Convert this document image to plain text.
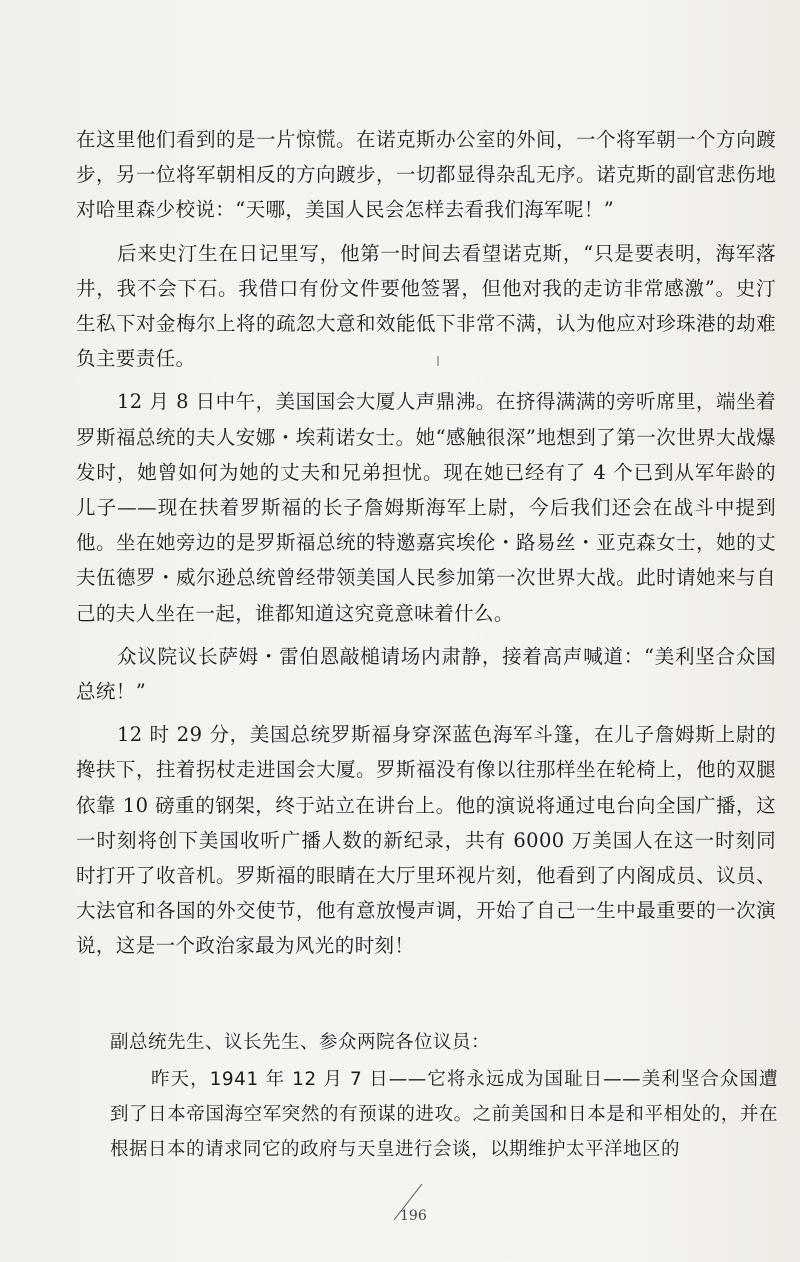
在这里他们看到的是一片惊慌。在诺克斯办公室的外间，一个将军朝一个方向踱步，另一位将军朝相反的方向踱步，一切都显得杂乱无序。诺克斯的副官悲伤地对哈里森少校说：“天哪，美国人民会怎样去看我们海军呢！”

后来史汀生在日记里写，他第一时间去看望诺克斯，“只是要表明，海军落井，我不会下石。我借口有份文件要他签署，但他对我的走访非常感激”。史汀生私下对金梅尔上将的疏忽大意和效能低下非常不满，认为他应对珍珠港的劫难负主要责任。

12 月 8 日中午，美国国会大厦人声鼎沸。在挤得满满的旁听席里，端坐着罗斯福总统的夫人安娜・埃莉诺女士。她“感触很深”地想到了第一次世界大战爆发时，她曾如何为她的丈夫和兄弟担忧。现在她已经有了 4 个已到从军年龄的儿子——现在扶着罗斯福的长子詹姆斯海军上尉，今后我们还会在战斗中提到他。坐在她旁边的是罗斯福总统的特邀嘉宾埃伦・路易丝・亚克森女士，她的丈夫伍德罗・威尔逊总统曾经带领美国人民参加第一次世界大战。此时请她来与自己的夫人坐在一起，谁都知道这究竟意味着什么。

众议院议长萨姆・雷伯恩敲槌请场内肃静，接着高声喊道：“美利坚合众国总统！”

12 时 29 分，美国总统罗斯福身穿深蓝色海军斗篷，在儿子詹姆斯上尉的搀扶下，拄着拐杖走进国会大厦。罗斯福没有像以往那样坐在轮椅上，他的双腿依靠 10 磅重的钢架，终于站立在讲台上。他的演说将通过电台向全国广播，这一时刻将创下美国收听广播人数的新纪录，共有 6000 万美国人在这一时刻同时打开了收音机。罗斯福的眼睛在大厅里环视片刻，他看到了内阁成员、议员、大法官和各国的外交使节，他有意放慢声调，开始了自己一生中最重要的一次演说，这是一个政治家最为风光的时刻！

副总统先生、议长先生、参众两院各位议员：

昨天，1941 年 12 月 7 日——它将永远成为国耻日——美利坚合众国遭到了日本帝国海空军突然的有预谋的进攻。之前美国和日本是和平相处的，并在根据日本的请求同它的政府与天皇进行会谈，以期维护太平洋地区的

196
